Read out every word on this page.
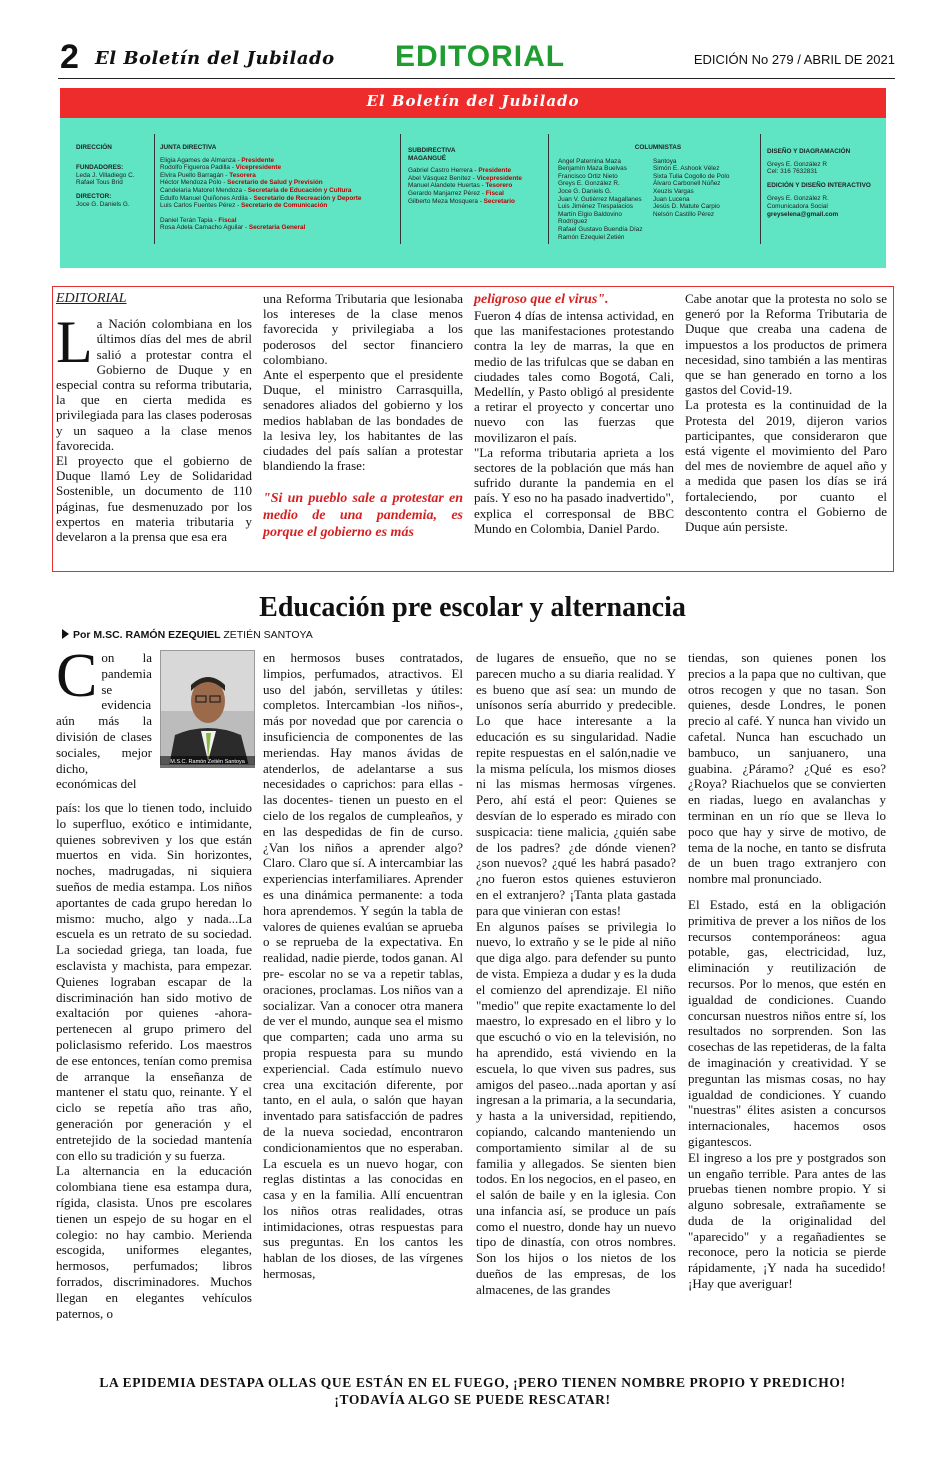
2 El Boletín del Jubilado EDITORIAL	EDICIÓN No 279 / ABRIL DE 2021
El Boletín del Jubilado
DIRECCIÓN

FUNDADORES:
Leda J. Villadiego C.
Rafael Tous Brid
DIRECTOR:
Joce G. Daniels G.
JUNTA DIRECTIVA
Eligia Agames de Almanza - Presidente
Rodolfo Figueroa Padilla - Vicepresidente
Elvira Puello Barragán - Tesorera
Héctor Mendoza Polo - Secretario de Salud y Previsión
Candelaria Matorel Mendoza - Secretaria de Educación y Cultura
Edulfo Manuel Quiñones Ardila - Secretario de Recreación y Deporte
Luis Carlos Fuentes Pérez - Secretario de Comunicación
Daniel Terán Tapia - Fiscal
Rosa Adela Camacho Aguilar - Secretaria General
SUBDIRECTIVA
MAGANGUÉ
Gabriel Castro Herrera - Presidente
Abel Vásquez Benítez - Vicepresidente
Manuel Alandete Huertas - Tesorero
Gerardo Manjarrez Pérez - Fiscal
Gilberto Meza Mosquera - Secretario
COLUMNISTAS
Angel Paternina Maza
Benjamín Maza Buelvas
Francisco Ortiz Nieto
Greys E. González R.
Joce G. Daniels G.
Juan V. Gutiérrez Magallanes
Luis Jiménez Trespalacios
Martín Elgio Baldovino
Rodríguez
Rafael Gustavo Buendía Díaz
Ramón Ezequiel Zetién
Santoya
Simón E. Ashook Vélez
Sixta Tulia Cogollo de Polo
Álvaro Carbonell Núñez
Xeuzis Vargas
Juan Lucena
Jesús D. Matute Carpio
Nelsón Castillo Pérez
DISEÑO Y DIAGRAMACIÓN
Greys E. González R
Cel: 316 7632831
EDICIÓN Y DISEÑO INTERACTIVO
Greys E. González R.
Comunicadora Social
greyselena@gmail.com
EDITORIAL

La Nación colombiana en los últimos días del mes de abril salió a protestar contra el Gobierno de Duque y en especial contra su reforma tributaria, la que en cierta medida es privilegiada para las clases poderosas y un saqueo a la clase menos favorecida.

El proyecto que el gobierno de Duque llamó Ley de Solidaridad Sostenible, un documento de 110 páginas, fue desmenuzado por los expertos en materia tributaria y develaron a la prensa que esa era

una Reforma Tributaria que lesionaba los intereses de la clase menos favorecida y privilegiaba a los poderosos del sector financiero colombiano.

Ante el esperpento que el presidente Duque, el ministro Carrasquilla, senadores aliados del gobierno y los medios hablaban de las bondades de la lesiva ley, los habitantes de las ciudades del país salían a protestar blandiendo la frase:

"Si un pueblo sale a protestar en medio de una pandemia, es porque el gobierno es más

peligroso que el virus".

Fueron 4 días de intensa actividad, en que las manifestaciones protestando contra la ley de marras, la que en medio de las trifulcas que se daban en ciudades tales como Bogotá, Cali, Medellín, y Pasto obligó al presidente a retirar el proyecto y concertar uno nuevo con las fuerzas que movilizaron el país.

"La reforma tributaria aprieta a los sectores de la población que más han sufrido durante la pandemia en el país. Y eso no ha pasado inadvertido", explica el corresponsal de BBC Mundo en Colombia, Daniel Pardo.

Cabe anotar que la protesta no solo se generó por la Reforma Tributaria de Duque que creaba una cadena de impuestos a los productos de primera necesidad, sino también a las mentiras que se han generado en torno a los gastos del Covid-19.

La protesta es la continuidad de la Protesta del 2019, dijeron varios participantes, que consideraron que está vigente el movimiento del Paro del mes de noviembre de aquel año y a medida que pasen los días se irá fortaleciendo, por cuanto el descontento contra el Gobierno de Duque aún persiste.

Educación pre escolar y alternancia
Por M.SC. RAMÓN EZEQUIEL ZETIÉN SANTOYA
M.S.C. Ramón Zetién Santoya
C on la pandemia se evidencia aún más la división de clases sociales, mejor dicho, económicas del

país: los que lo tienen todo, incluido lo superfluo, exótico e intimidante, quienes sobreviven y los que están muertos en vida. Sin horizontes, noches, madrugadas, ni siquiera sueños de media estampa. Los niños aportantes de cada grupo heredan lo mismo: mucho, algo y nada...La escuela es un retrato de su sociedad. La sociedad griega, tan loada, fue esclavista y machista, para empezar. Quienes lograban escapar de la discriminación han sido motivo de exaltación por quienes -ahora- pertenecen al grupo primero del policlasismo referido. Los maestros de ese entonces, tenían como premisa de arranque la enseñanza de mantener el statu quo, reinante. Y el ciclo se repetía año tras año, generación por generación y el entretejido de la sociedad mantenía con ello su tradición y su fuerza.

La alternancia en la educación colombiana tiene esa estampa dura, rígida, clasista. Unos pre escolares tienen un espejo de su hogar en el colegio: no hay cambio. Merienda escogida, uniformes elegantes, hermosos, perfumados; libros forrados, discriminadores. Muchos llegan en elegantes vehículos paternos, o

en hermosos buses contratados, limpios, perfumados, atractivos. El uso del jabón, servilletas y útiles: completos. Intercambian -los niños-, más por novedad que por carencia o insuficiencia de componentes de las meriendas. Hay manos ávidas de atenderlos, de adelantarse a sus necesidades o caprichos: para ellas -las docentes- tienen un puesto en el cielo de los regalos de cumpleaños, y en las despedidas de fin de curso. ¿Van los niños a aprender algo? Claro. Claro que sí. A intercambiar las experiencias interfamiliares. Aprender es una dinámica permanente: a toda hora aprendemos. Y según la tabla de valores de quienes evalúan se aprueba o se reprueba de la expectativa. En realidad, nadie pierde, todos ganan. Al pre- escolar no se va a repetir tablas, oraciones, proclamas. Los niños van a socializar. Van a conocer otra manera de ver el mundo, aunque sea el mismo que comparten; cada uno arma su propia respuesta para su mundo experiencial. Cada estímulo nuevo crea una excitación diferente, por tanto, en el aula, o salón que hayan inventado para satisfacción de padres de la nueva sociedad, encontraron condicionamientos que no esperaban. La escuela es un nuevo hogar, con reglas distintas a las conocidas en casa y en la familia. Allí encuentran los niños otras realidades, otras intimidaciones, otras respuestas para sus preguntas. En los cantos les hablan de los dioses, de las vírgenes hermosas,

de lugares de ensueño, que no se parecen mucho a su diaria realidad. Y es bueno que así sea: un mundo de unísonos sería aburrido y predecible. Lo que hace interesante a la educación es su singularidad. Nadie repite respuestas en el salón,nadie ve la misma película, los mismos dioses ni las mismas hermosas vírgenes. Pero, ahí está el peor: Quienes se desvían de lo esperado es mirado con suspicacia: tiene malicia, ¿quién sabe de los padres? ¿de dónde vienen? ¿son nuevos? ¿qué les habrá pasado? ¿no fueron estos quienes estuvieron en el extranjero? ¡Tanta plata gastada para que vinieran con estas!

En algunos países se privilegia lo nuevo, lo extraño y se le pide al niño que diga algo. para defender su punto de vista. Empieza a dudar y es la duda el comienzo del aprendizaje. El niño "medio" que repite exactamente lo del maestro, lo expresado en el libro y lo que escuchó o vio en la televisión, no ha aprendido, está viviendo en la escuela, lo que viven sus padres, sus amigos del paseo...nada aportan y así ingresan a la primaria, a la secundaria, y hasta a la universidad, repitiendo, copiando, calcando manteniendo un comportamiento similar al de su familia y allegados. Se sienten bien todos. En los negocios, en el paseo, en el salón de baile y en la iglesia. Con una infancia así, se produce un país como el nuestro, donde hay un nuevo tipo de dinastía, con otros nombres. Son los hijos o los nietos de los dueños de las empresas, de los almacenes, de las grandes

tiendas, son quienes ponen los precios a la papa que no cultivan, que otros recogen y que no tasan. Son quienes, desde Londres, le ponen precio al café. Y nunca han vivido un cafetal. Nunca han escuchado un bambuco, un sanjuanero, una guabina. ¿Páramo? ¿Qué es eso? ¿Roya? Riachuelos que se convierten en riadas, luego en avalanchas y terminan en un río que se lleva lo poco que hay y sirve de motivo, de tema de la noche, en tanto se disfruta de un buen trago extranjero con nombre mal pronunciado.

El Estado, está en la obligación primitiva de prever a los niños de los recursos contemporáneos: agua potable, gas, electricidad, luz, eliminación y reutilización de recursos. Por lo menos, que estén en igualdad de condiciones. Cuando concursan nuestros niños entre sí, los resultados no sorprenden. Son las cosechas de las repetideras, de la falta de imaginación y creatividad. Y se preguntan las mismas cosas, no hay igualdad de condiciones. Y cuando "nuestras" élites asisten a concursos internacionales, hacemos osos gigantescos.

El ingreso a los pre y postgrados son un engaño terrible. Para antes de las pruebas tienen nombre propio. Y si alguno sobresale, extrañamente se duda de la originalidad del "aparecido" y a regañadientes se reconoce, pero la noticia se pierde rápidamente, ¡Y nada ha sucedido! ¡Hay que averiguar!

LA EPIDEMIA DESTAPA OLLAS QUE ESTÁN EN EL FUEGO, ¡PERO TIENEN NOMBRE PROPIO Y PREDICHO!
¡TODAVÍA ALGO SE PUEDE RESCATAR!
